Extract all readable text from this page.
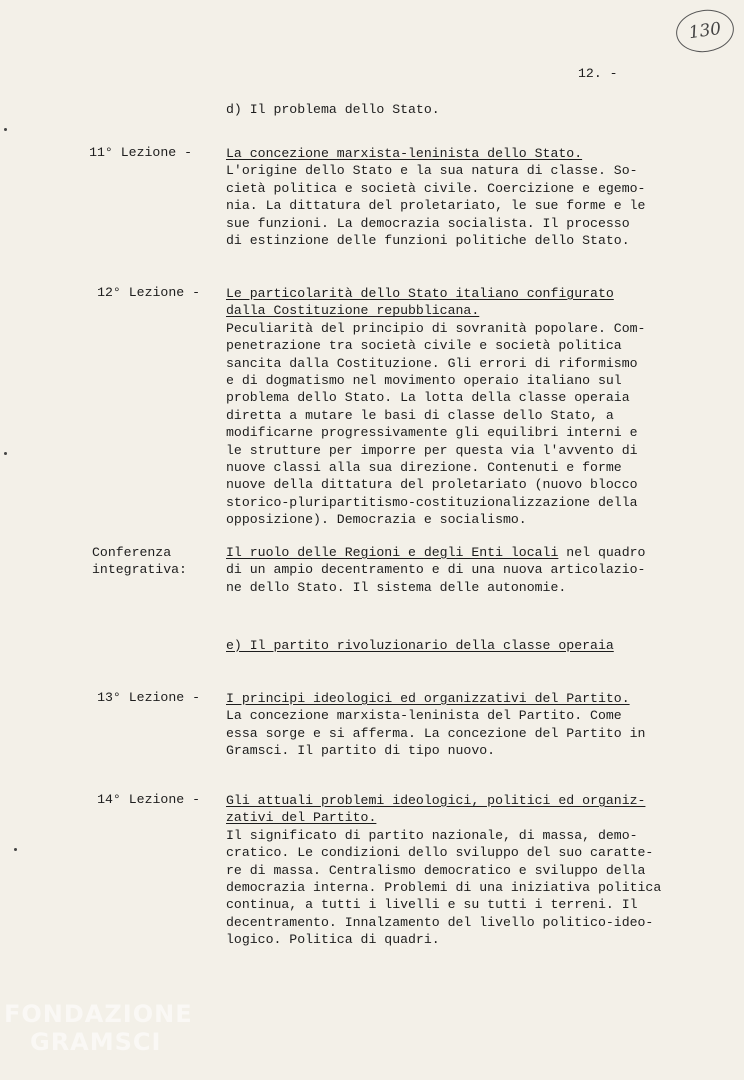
130
12. -
d) Il problema dello Stato.
11° Lezione -	La concezione marxista-leninista dello Stato.
L'origine dello Stato e la sua natura di classe. So-
cietà politica e società civile. Coercizione e egemo-
nia. La dittatura del proletariato, le sue forme e le
sue funzioni. La democrazia socialista. Il processo
di estinzione delle funzioni politiche dello Stato.
12° Lezione - Le particolarità dello Stato italiano configurato
dalla Costituzione repubblicana.
Peculiarità del principio di sovranità popolare. Com-
penetrazione tra società civile e società politica
sancita dalla Costituzione. Gli errori di riformismo
e di dogmatismo nel movimento operaio italiano sul
problema dello Stato. La lotta della classe operaia
diretta a mutare le basi di classe dello Stato, a
modificarne progressivamente gli equilibri interni e
le strutture per imporre per questa via l'avvento di
nuove classi alla sua direzione. Contenuti e forme
nuove della dittatura del proletariato (nuovo blocco
storico-pluripartitismo-costituzionalizzazione della
opposizione). Democrazia e socialismo.
Conferenza
integrativa:
Il ruolo delle Regioni e degli Enti locali nel quadro
di un ampio decentramento e di una nuova articolazio-
ne dello Stato. Il sistema delle autonomie.
e) Il partito rivoluzionario della classe operaia
13° Lezione - I principi ideologici ed organizzativi del Partito.
La concezione marxista-leninista del Partito. Come
essa sorge e si afferma. La concezione del Partito in
Gramsci. Il partito di tipo nuovo.
14° Lezione - Gli attuali problemi ideologici, politici ed organiz-
zativi del Partito.
Il significato di partito nazionale, di massa, demo-
cratico. Le condizioni dello sviluppo del suo caratte-
re di massa. Centralismo democratico e sviluppo della
democrazia interna. Problemi di una iniziativa politica
continua, a tutti i livelli e su tutti i terreni. Il
decentramento. Innalzamento del livello politico-ideo-
logico. Politica di quadri.
FONDAZIONE
GRAMSCI
